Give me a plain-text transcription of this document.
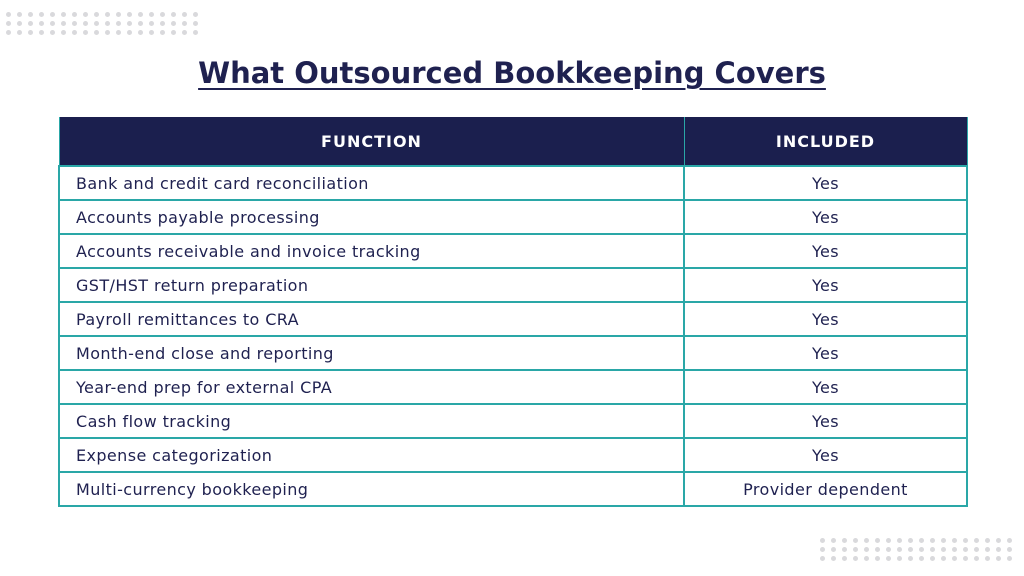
What Outsourced Bookkeeping Covers
FUNCTION	INCLUDED
Bank and credit card reconciliation	Yes
Accounts payable processing	Yes
Accounts receivable and invoice tracking	Yes
GST/HST return preparation	Yes
Payroll remittances to CRA	Yes
Month-end close and reporting	Yes
Year-end prep for external CPA	Yes
Cash flow tracking	Yes
Expense categorization	Yes
Multi-currency bookkeeping	Provider dependent
